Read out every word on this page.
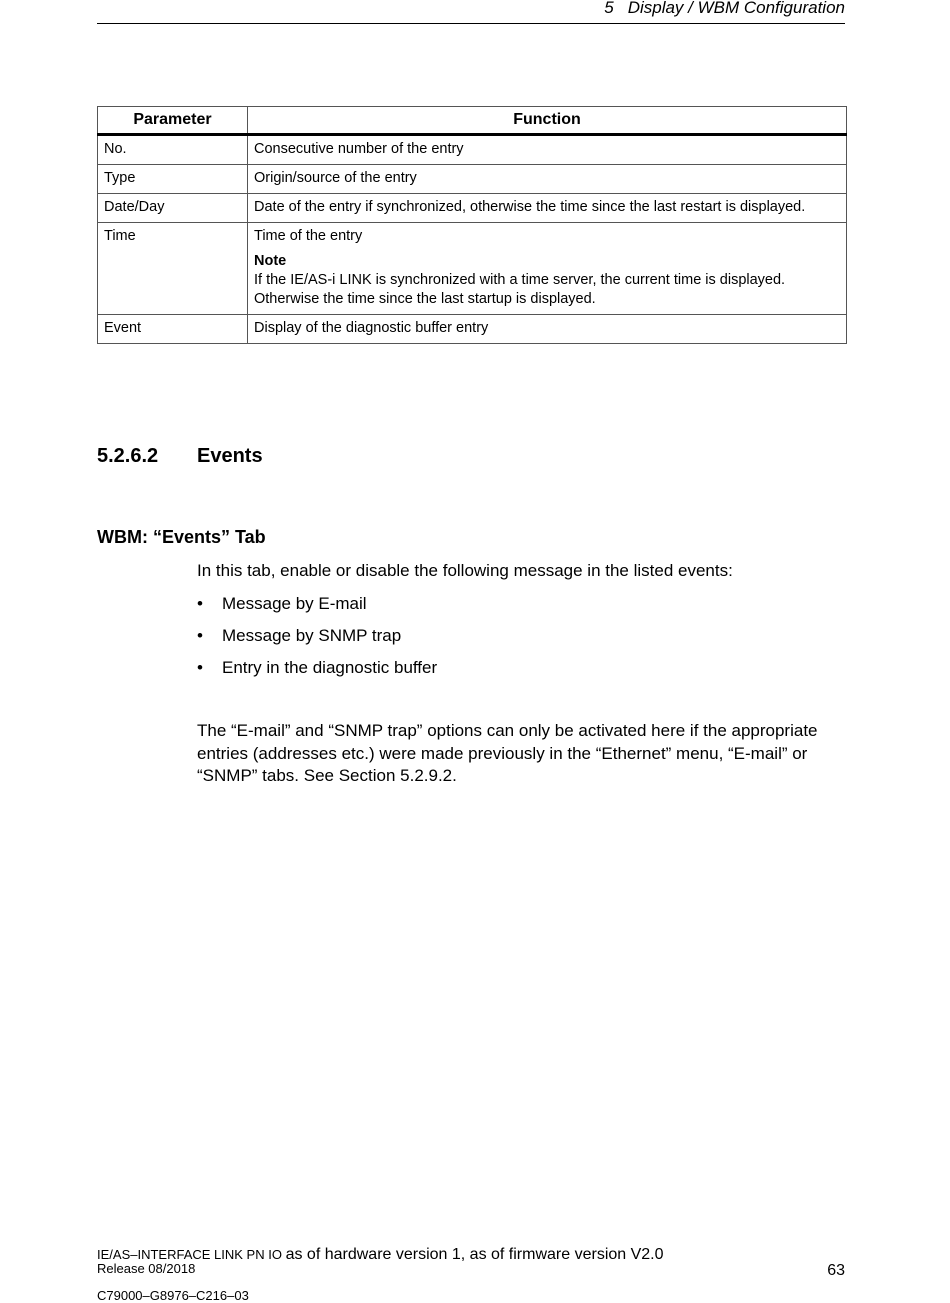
5 Display / WBM Configuration
Parameter	Function
No.	Consecutive number of the entry
Type	Origin/source of the entry
Date/Day	Date of the entry if synchronized, otherwise the time since the last restart is displayed.
Time	Time of the entry
Note
If the IE/AS-i LINK is synchronized with a time server, the current time is displayed. Otherwise the time since the last startup is displayed.
Event	Display of the diagnostic buffer entry
5.2.6.2 Events
WBM: “Events” Tab

In this tab, enable or disable the following message in the listed events:

• Message by E-mail
• Message by SNMP trap
• Entry in the diagnostic buffer

The “E-mail” and “SNMP trap” options can only be activated here if the appropriate entries (addresses etc.) were made previously in the “Ethernet” menu, “E-mail” or “SNMP” tabs. See Section 5.2.9.2.

IE/AS–INTERFACE LINK PN IO as of hardware version 1, as of firmware version V2.0
Release 08/2018
C79000–G8976–C216–03
63
